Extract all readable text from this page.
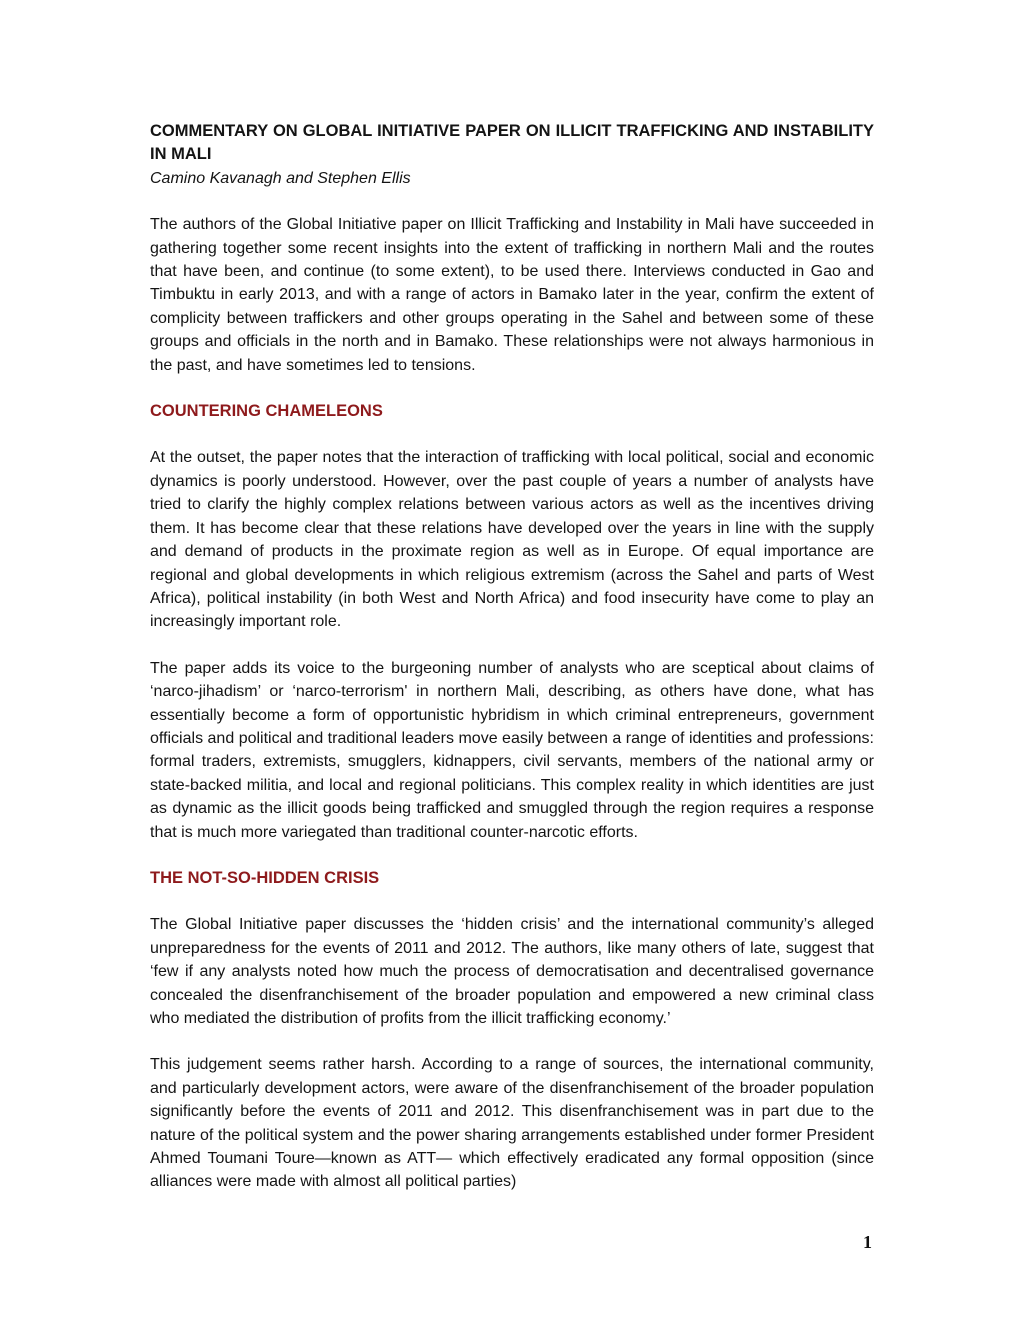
COMMENTARY ON GLOBAL INITIATIVE PAPER ON ILLICIT TRAFFICKING AND INSTABILITY IN MALI
Camino Kavanagh and Stephen Ellis

The authors of the Global Initiative paper on Illicit Trafficking and Instability in Mali have succeeded in gathering together some recent insights into the extent of trafficking in northern Mali and the routes that have been, and continue (to some extent), to be used there. Interviews conducted in Gao and Timbuktu in early 2013, and with a range of actors in Bamako later in the year, confirm the extent of complicity between traffickers and other groups operating in the Sahel and between some of these groups and officials in the north and in Bamako. These relationships were not always harmonious in the past, and have sometimes led to tensions.

COUNTERING CHAMELEONS

At the outset, the paper notes that the interaction of trafficking with local political, social and economic dynamics is poorly understood. However, over the past couple of years a number of analysts have tried to clarify the highly complex relations between various actors as well as the incentives driving them. It has become clear that these relations have developed over the years in line with the supply and demand of products in the proximate region as well as in Europe. Of equal importance are regional and global developments in which religious extremism (across the Sahel and parts of West Africa), political instability (in both West and North Africa) and food insecurity have come to play an increasingly important role.

The paper adds its voice to the burgeoning number of analysts who are sceptical about claims of ‘narco-jihadism’ or ‘narco-terrorism' in northern Mali, describing, as others have done, what has essentially become a form of opportunistic hybridism in which criminal entrepreneurs, government officials and political and traditional leaders move easily between a range of identities and professions: formal traders, extremists, smugglers, kidnappers, civil servants, members of the national army or state-backed militia, and local and regional politicians. This complex reality in which identities are just as dynamic as the illicit goods being trafficked and smuggled through the region requires a response that is much more variegated than traditional counter-narcotic efforts.

THE NOT-SO-HIDDEN CRISIS

The Global Initiative paper discusses the ‘hidden crisis’ and the international community’s alleged unpreparedness for the events of 2011 and 2012. The authors, like many others of late, suggest that ‘few if any analysts noted how much the process of democratisation and decentralised governance concealed the disenfranchisement of the broader population and empowered a new criminal class who mediated the distribution of profits from the illicit trafficking economy.’

This judgement seems rather harsh. According to a range of sources, the international community, and particularly development actors, were aware of the disenfranchisement of the broader population significantly before the events of 2011 and 2012. This disenfranchisement was in part due to the nature of the political system and the power sharing arrangements established under former President Ahmed Toumani Toure—known as ATT— which effectively eradicated any formal opposition (since alliances were made with almost all political parties)

1
